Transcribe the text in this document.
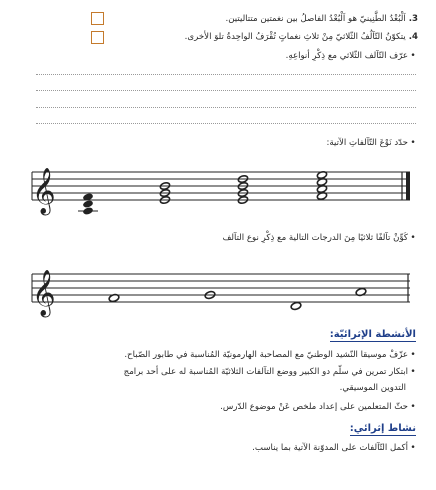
3.اَلْبُعْدُ الطَّنِينيّ هو اَلْبُعْدُ الفاصلُ بين نغمتين متتاليتين.
4.يتكوّنُ التّآلُفُ الثّلاثيّ مِنْ ثلاثِ نغماتٍ تُقْرَفُ الواحِدةُ تلوَ الأخرى.
•عرّف التّآلف الثّلاثي مع ذِكْرِ أنواعِهِ.
•حدّد نَوْعَ التّآلفاتِ الآتية:
𝄞
•كَوِّنْ تآلفًا ثلاثيًا مِنَ الدرجات التالية مع ذِكْرِ نوع التآلف
𝄞
الأنشطة الإثرائيّة:
•عزّفْ موسيقا النّشيد الوطنيّ مع المصاحبة الهارمونيّة المُناسبة في طابور الصّباح.
•ابتكار تمرين في سلّم دو الكبير ووضع التآلفات الثلاثيّة المُناسبة له على أحد برامج
التدوين الموسيقي.
•حثّ المتعلمين على إعداد ملخص عَنْ موضوع الدّرس.
نشاط إثرائي:
•أكمل التّآلفات على المدوّنة الآتية بما يناسب.
